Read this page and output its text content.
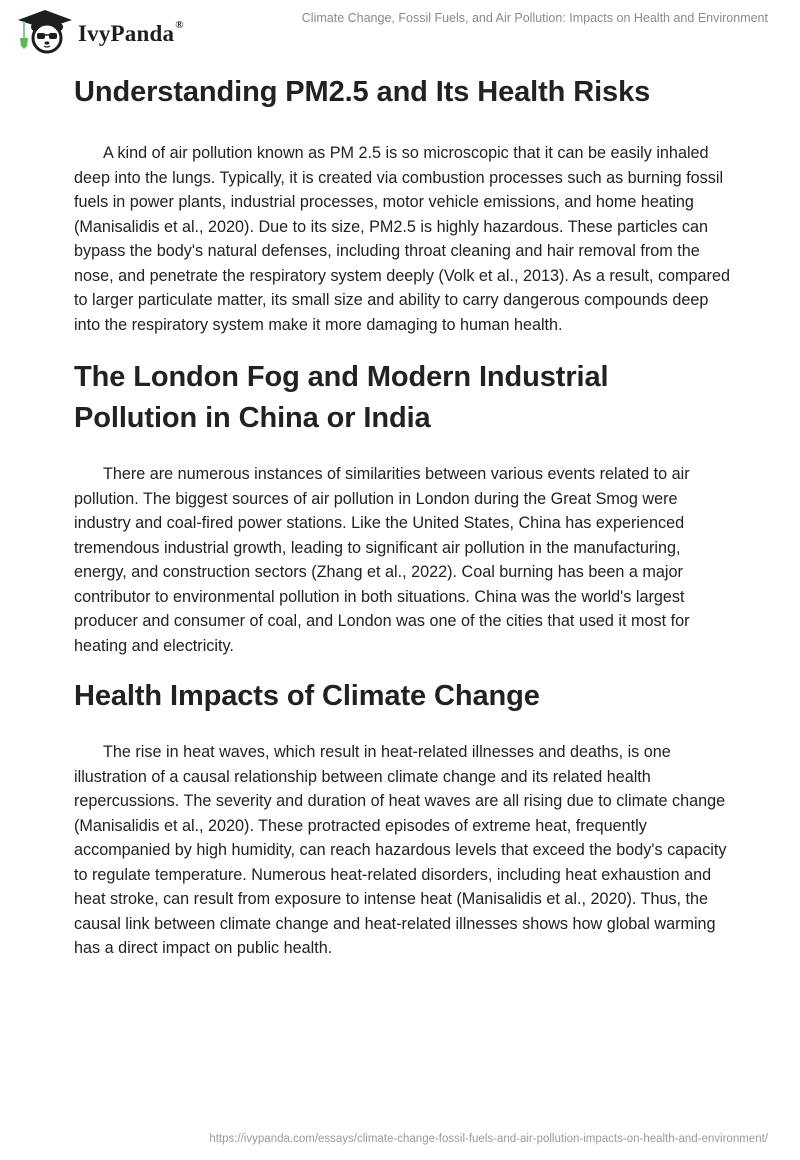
IvyPanda®	Climate Change, Fossil Fuels, and Air Pollution: Impacts on Health and Environment
Understanding PM2.5 and Its Health Risks

A kind of air pollution known as PM 2.5 is so microscopic that it can be easily inhaled deep into the lungs. Typically, it is created via combustion processes such as burning fossil fuels in power plants, industrial processes, motor vehicle emissions, and home heating (Manisalidis et al., 2020). Due to its size, PM2.5 is highly hazardous. These particles can bypass the body's natural defenses, including throat cleaning and hair removal from the nose, and penetrate the respiratory system deeply (Volk et al., 2013). As a result, compared to larger particulate matter, its small size and ability to carry dangerous compounds deep into the respiratory system make it more damaging to human health.

The London Fog and Modern Industrial Pollution in China or India

There are numerous instances of similarities between various events related to air pollution. The biggest sources of air pollution in London during the Great Smog were industry and coal-fired power stations. Like the United States, China has experienced tremendous industrial growth, leading to significant air pollution in the manufacturing, energy, and construction sectors (Zhang et al., 2022). Coal burning has been a major contributor to environmental pollution in both situations. China was the world's largest producer and consumer of coal, and London was one of the cities that used it most for heating and electricity.

Health Impacts of Climate Change

The rise in heat waves, which result in heat-related illnesses and deaths, is one illustration of a causal relationship between climate change and its related health repercussions. The severity and duration of heat waves are all rising due to climate change (Manisalidis et al., 2020). These protracted episodes of extreme heat, frequently accompanied by high humidity, can reach hazardous levels that exceed the body's capacity to regulate temperature. Numerous heat-related disorders, including heat exhaustion and heat stroke, can result from exposure to intense heat (Manisalidis et al., 2020). Thus, the causal link between climate change and heat-related illnesses shows how global warming has a direct impact on public health.

https://ivypanda.com/essays/climate-change-fossil-fuels-and-air-pollution-impacts-on-health-and-environment/
